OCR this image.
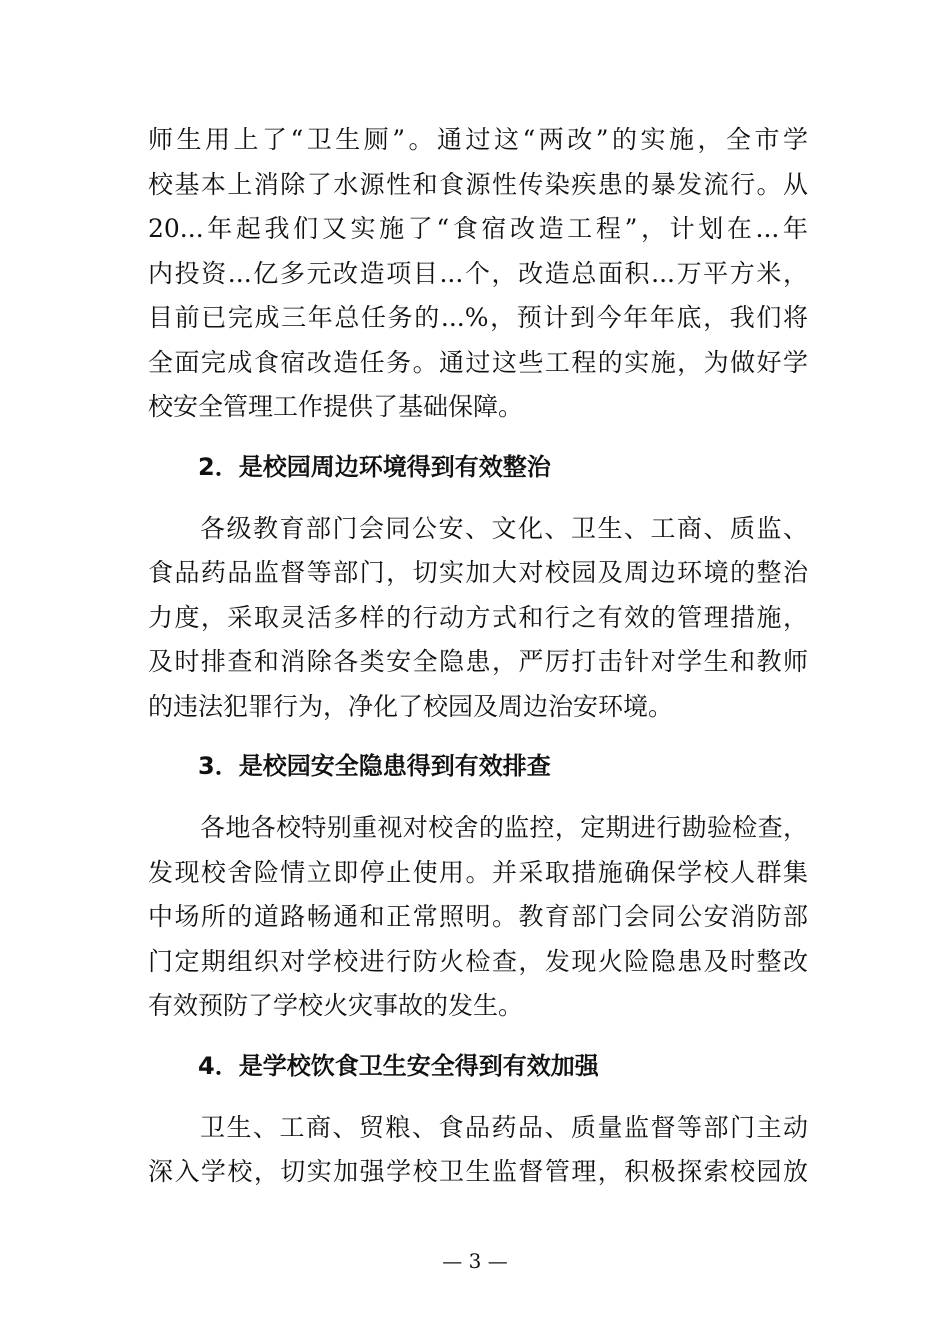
师生用上了“卫生厕”。通过这“两改”的实施，全市学
校基本上消除了水源性和食源性传染疾患的暴发流行。从
20...年起我们又实施了“食宿改造工程”，计划在...年
内投资...亿多元改造项目...个，改造总面积...万平方米，
目前已完成三年总任务的...%，预计到今年年底，我们将
全面完成食宿改造任务。通过这些工程的实施，为做好学
校安全管理工作提供了基础保障。
2．是校园周边环境得到有效整治
各级教育部门会同公安、文化、卫生、工商、质监、
食品药品监督等部门，切实加大对校园及周边环境的整治
力度，采取灵活多样的行动方式和行之有效的管理措施，
及时排查和消除各类安全隐患，严厉打击针对学生和教师
的违法犯罪行为，净化了校园及周边治安环境。
3．是校园安全隐患得到有效排查
各地各校特别重视对校舍的监控，定期进行勘验检查，
发现校舍险情立即停止使用。并采取措施确保学校人群集
中场所的道路畅通和正常照明。教育部门会同公安消防部
门定期组织对学校进行防火检查，发现火险隐患及时整改
有效预防了学校火灾事故的发生。
4．是学校饮食卫生安全得到有效加强
卫生、工商、贸粮、食品药品、质量监督等部门主动
深入学校，切实加强学校卫生监督管理，积极探索校园放
— 3 —
